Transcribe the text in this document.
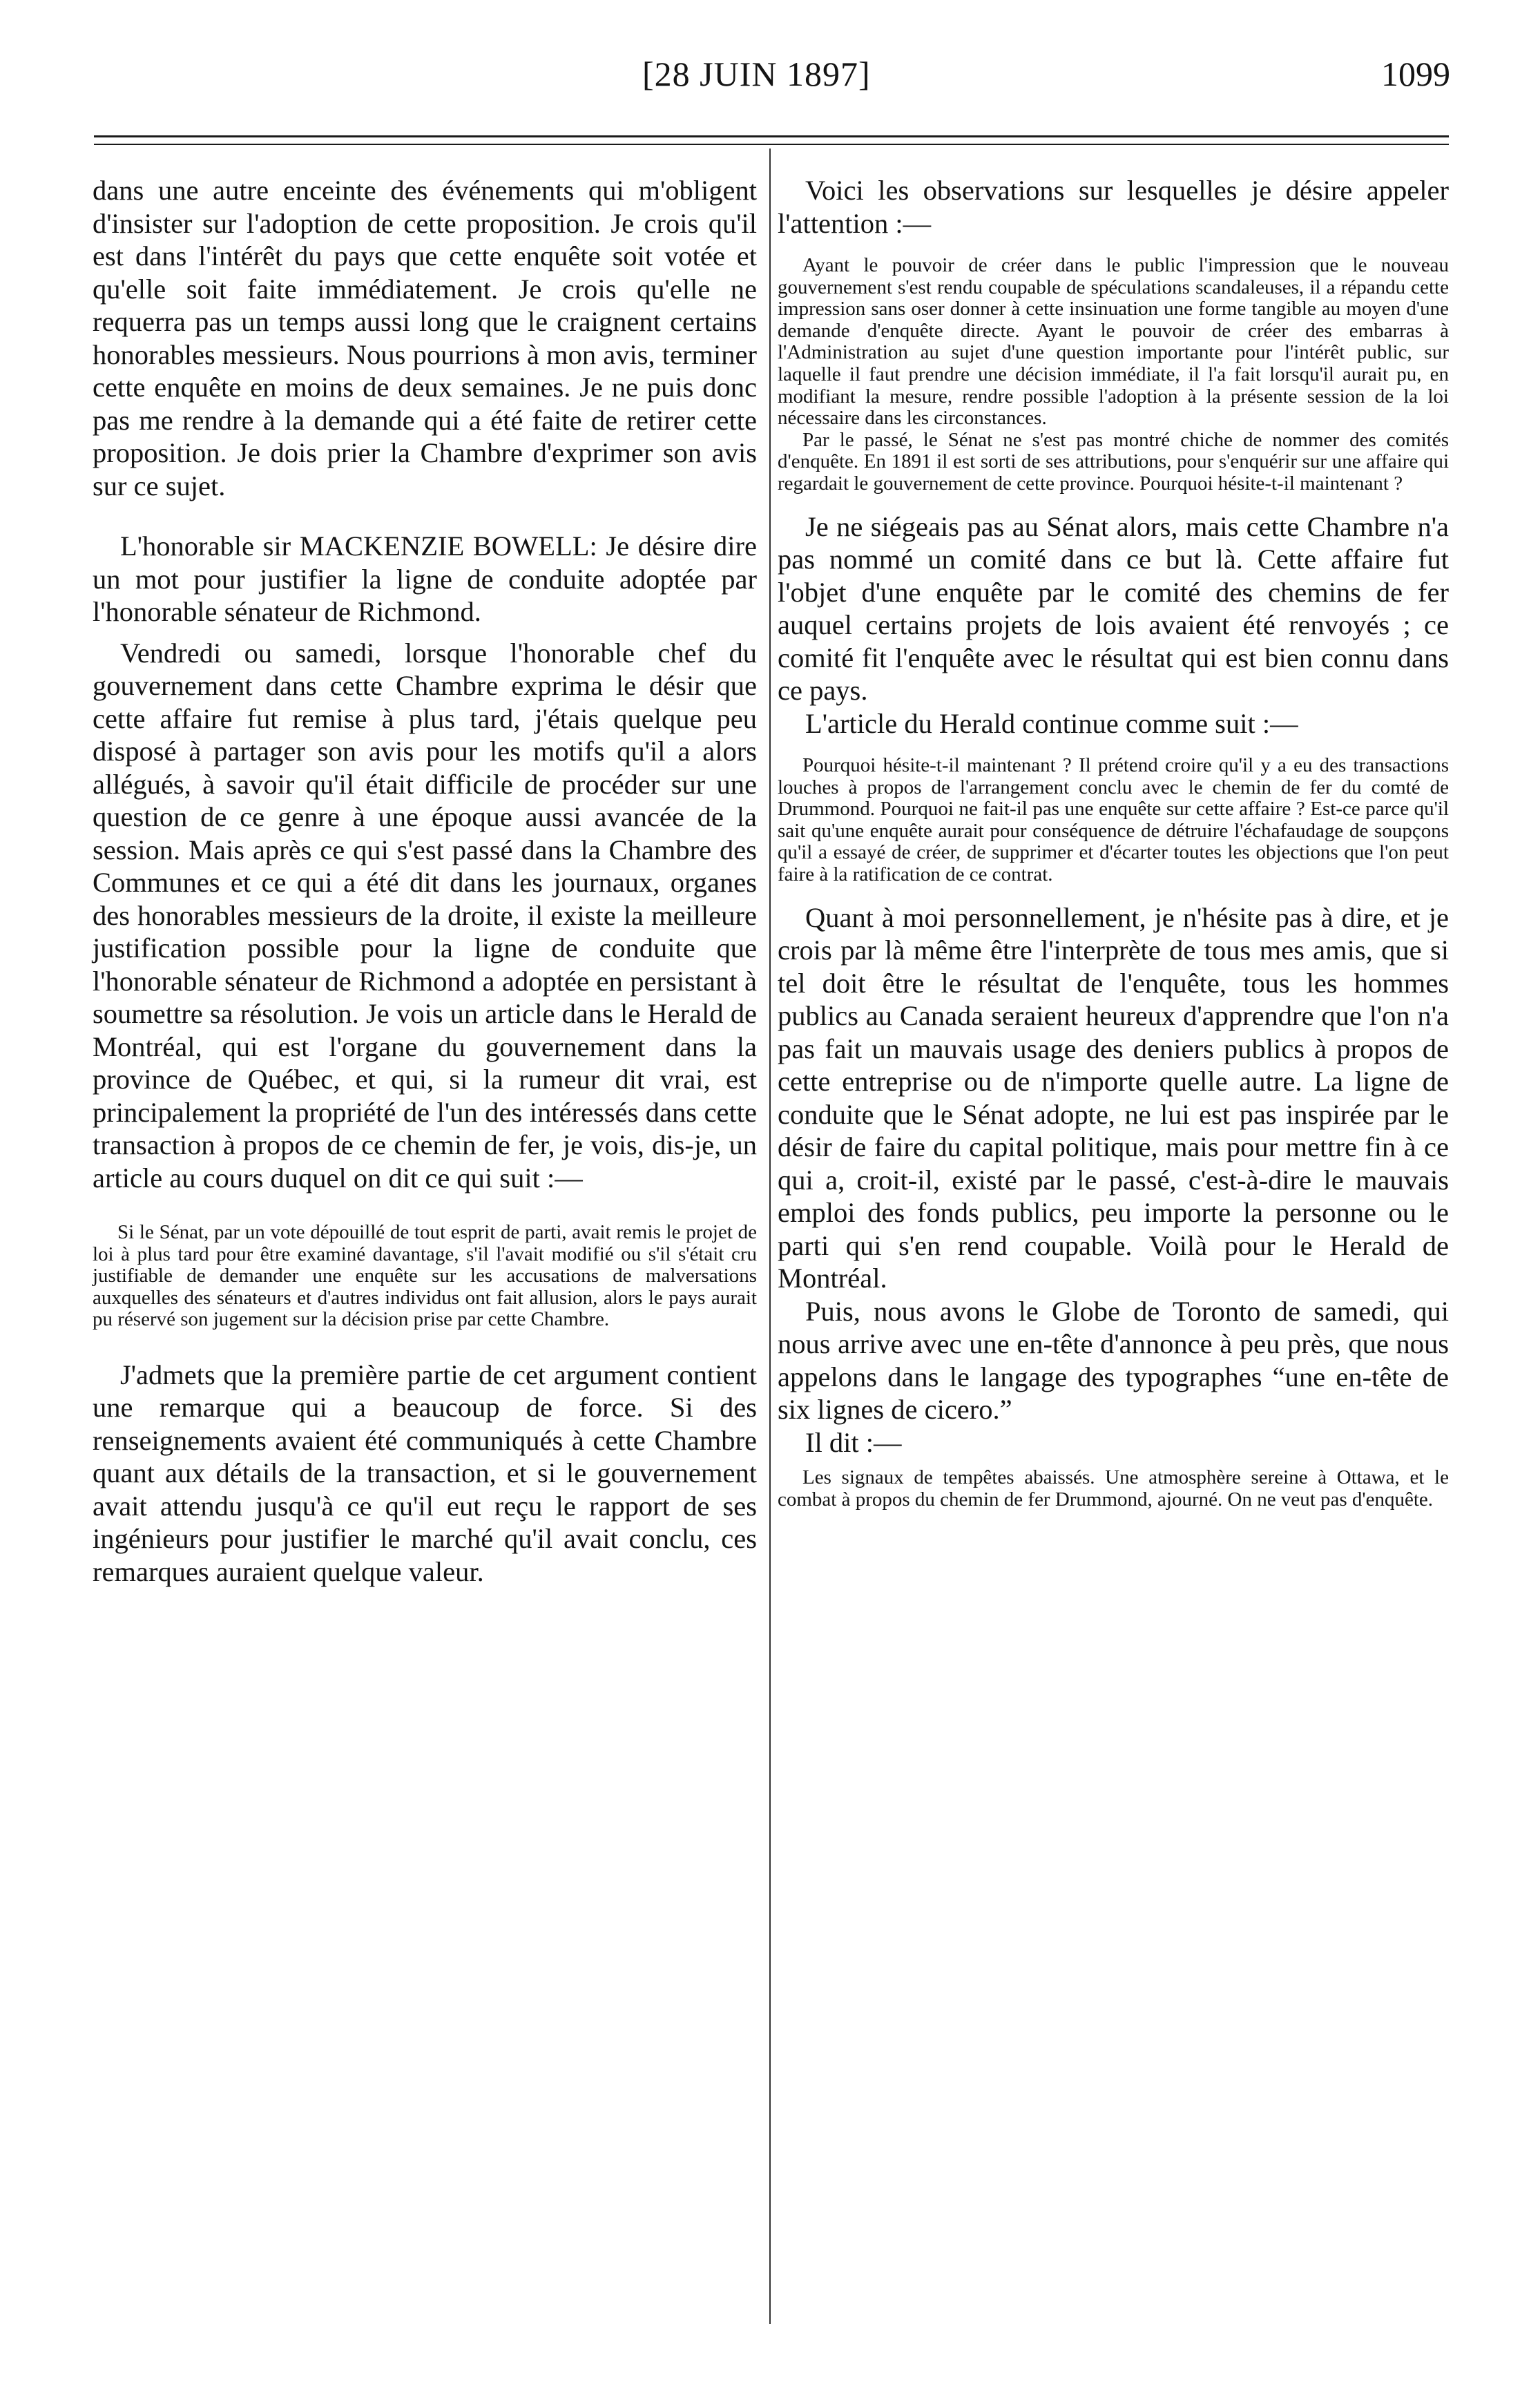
[28 JUIN 1897]	1099

dans une autre enceinte des événements qui m'obligent d'insister sur l'adoption de cette proposition. Je crois qu'il est dans l'intérêt du pays que cette enquête soit votée et qu'elle soit faite immédiatement. Je crois qu'elle ne requerra pas un temps aussi long que le craignent certains honorables messieurs. Nous pourrions à mon avis, terminer cette enquête en moins de deux semaines. Je ne puis donc pas me rendre à la demande qui a été faite de retirer cette proposition. Je dois prier la Chambre d'exprimer son avis sur ce sujet.

L'honorable sir MACKENZIE BOWELL: Je désire dire un mot pour justifier la ligne de conduite adoptée par l'honorable sénateur de Richmond.

Vendredi ou samedi, lorsque l'honorable chef du gouvernement dans cette Chambre exprima le désir que cette affaire fut remise à plus tard, j'étais quelque peu disposé à partager son avis pour les motifs qu'il a alors allégués, à savoir qu'il était difficile de procéder sur une question de ce genre à une époque aussi avancée de la session. Mais après ce qui s'est passé dans la Chambre des Communes et ce qui a été dit dans les journaux, organes des honorables messieurs de la droite, il existe la meilleure justification possible pour la ligne de conduite que l'honorable sénateur de Richmond a adoptée en persistant à soumettre sa résolution. Je vois un article dans le Herald de Montréal, qui est l'organe du gouvernement dans la province de Québec, et qui, si la rumeur dit vrai, est principalement la propriété de l'un des intéressés dans cette transaction à propos de ce chemin de fer, je vois, dis-je, un article au cours duquel on dit ce qui suit :—

Si le Sénat, par un vote dépouillé de tout esprit de parti, avait remis le projet de loi à plus tard pour être examiné davantage, s'il l'avait modifié ou s'il s'était cru justifiable de demander une enquête sur les accusations de malversations auxquelles des sénateurs et d'autres individus ont fait allusion, alors le pays aurait pu réservé son jugement sur la décision prise par cette Chambre.

J'admets que la première partie de cet argument contient une remarque qui a beaucoup de force. Si des renseignements avaient été communiqués à cette Chambre quant aux détails de la transaction, et si le gouvernement avait attendu jusqu'à ce qu'il eut reçu le rapport de ses ingénieurs pour justifier le marché qu'il avait conclu, ces remarques auraient quelque valeur.

Voici les observations sur lesquelles je désire appeler l'attention :—

Ayant le pouvoir de créer dans le public l'impression que le nouveau gouvernement s'est rendu coupable de spéculations scandaleuses, il a répandu cette impression sans oser donner à cette insinuation une forme tangible au moyen d'une demande d'enquête directe. Ayant le pouvoir de créer des embarras à l'Administration au sujet d'une question importante pour l'intérêt public, sur laquelle il faut prendre une décision immédiate, il l'a fait lorsqu'il aurait pu, en modifiant la mesure, rendre possible l'adoption à la présente session de la loi nécessaire dans les circonstances.

Par le passé, le Sénat ne s'est pas montré chiche de nommer des comités d'enquête. En 1891 il est sorti de ses attributions, pour s'enquérir sur une affaire qui regardait le gouvernement de cette province. Pourquoi hésite-t-il maintenant ?

Je ne siégeais pas au Sénat alors, mais cette Chambre n'a pas nommé un comité dans ce but là. Cette affaire fut l'objet d'une enquête par le comité des chemins de fer auquel certains projets de lois avaient été renvoyés ; ce comité fit l'enquête avec le résultat qui est bien connu dans ce pays.

L'article du Herald continue comme suit :—

Pourquoi hésite-t-il maintenant ? Il prétend croire qu'il y a eu des transactions louches à propos de l'arrangement conclu avec le chemin de fer du comté de Drummond. Pourquoi ne fait-il pas une enquête sur cette affaire ? Est-ce parce qu'il sait qu'une enquête aurait pour conséquence de détruire l'échafaudage de soupçons qu'il a essayé de créer, de supprimer et d'écarter toutes les objections que l'on peut faire à la ratification de ce contrat.

Quant à moi personnellement, je n'hésite pas à dire, et je crois par là même être l'interprète de tous mes amis, que si tel doit être le résultat de l'enquête, tous les hommes publics au Canada seraient heureux d'apprendre que l'on n'a pas fait un mauvais usage des deniers publics à propos de cette entreprise ou de n'importe quelle autre. La ligne de conduite que le Sénat adopte, ne lui est pas inspirée par le désir de faire du capital politique, mais pour mettre fin à ce qui a, croit-il, existé par le passé, c'est-à-dire le mauvais emploi des fonds publics, peu importe la personne ou le parti qui s'en rend coupable. Voilà pour le Herald de Montréal.

Puis, nous avons le Globe de Toronto de samedi, qui nous arrive avec une en-tête d'annonce à peu près, que nous appelons dans le langage des typographes “une en-tête de six lignes de cicero.”

Il dit :—

Les signaux de tempêtes abaissés. Une atmosphère sereine à Ottawa, et le combat à propos du chemin de fer Drummond, ajourné. On ne veut pas d'enquête.
